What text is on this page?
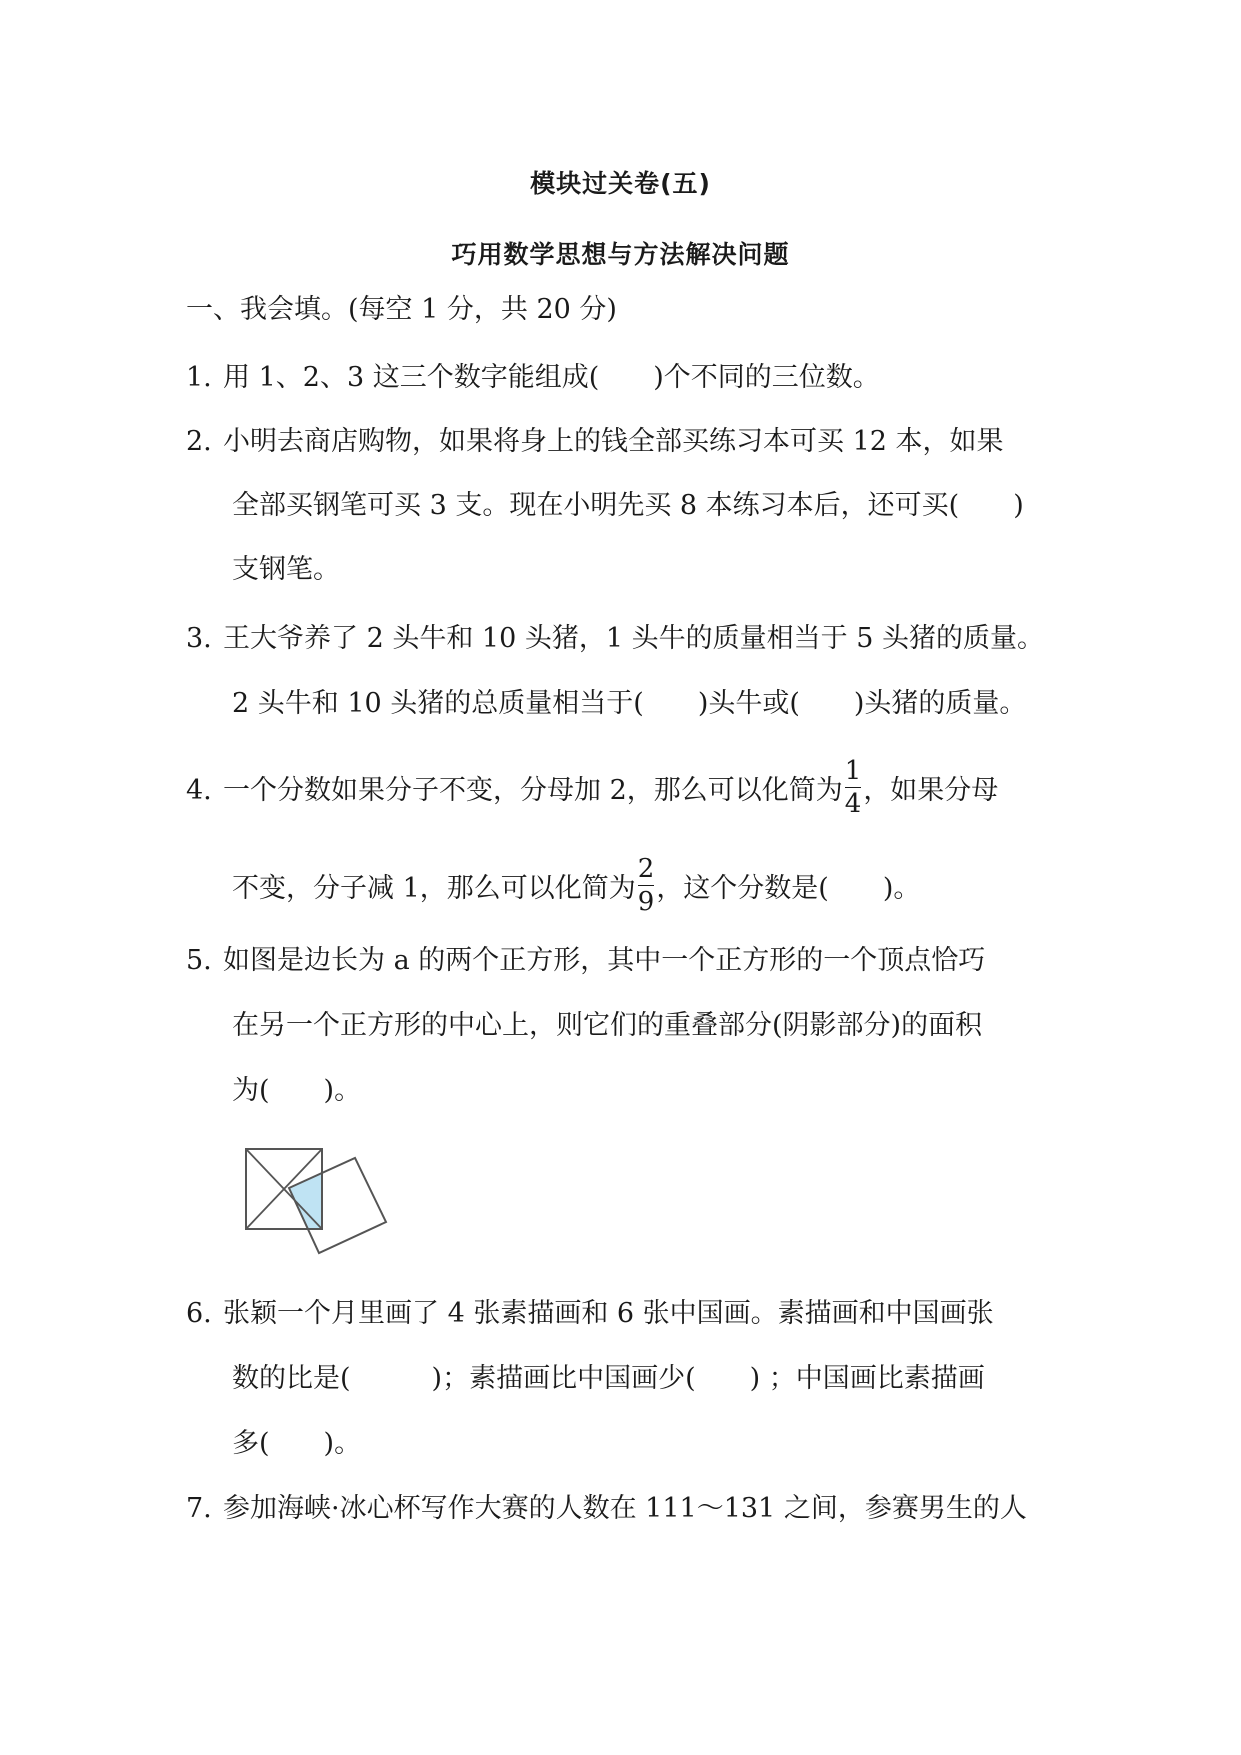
模块过关卷(五)
巧用数学思想与方法解决问题
一、我会填。(每空 1 分，共 20 分)
1. 用 1、2、3 这三个数字能组成(　　)个不同的三位数。
2. 小明去商店购物，如果将身上的钱全部买练习本可买 12 本，如果
全部买钢笔可买 3 支。现在小明先买 8 本练习本后，还可买(　　)
支钢笔。
3. 王大爷养了 2 头牛和 10 头猪，1 头牛的质量相当于 5 头猪的质量。
2 头牛和 10 头猪的总质量相当于(　　)头牛或(　　)头猪的质量。
4. 一个分数如果分子不变，分母加 2，那么可以化简为 $\frac{1}{4}$ ，如果分母
不变，分子减 1，那么可以化简为 $\frac{2}{9}$ ，这个分数是(　　)。
5. 如图是边长为 a 的两个正方形，其中一个正方形的一个顶点恰巧
在另一个正方形的中心上，则它们的重叠部分(阴影部分)的面积
为(　　)。
6. 张颖一个月里画了 4 张素描画和 6 张中国画。素描画和中国画张
数的比是(　　　)；素描画比中国画少(　　) ；中国画比素描画
多(　　)。
7. 参加海峡·冰心杯写作大赛的人数在 111～131 之间，参赛男生的人
